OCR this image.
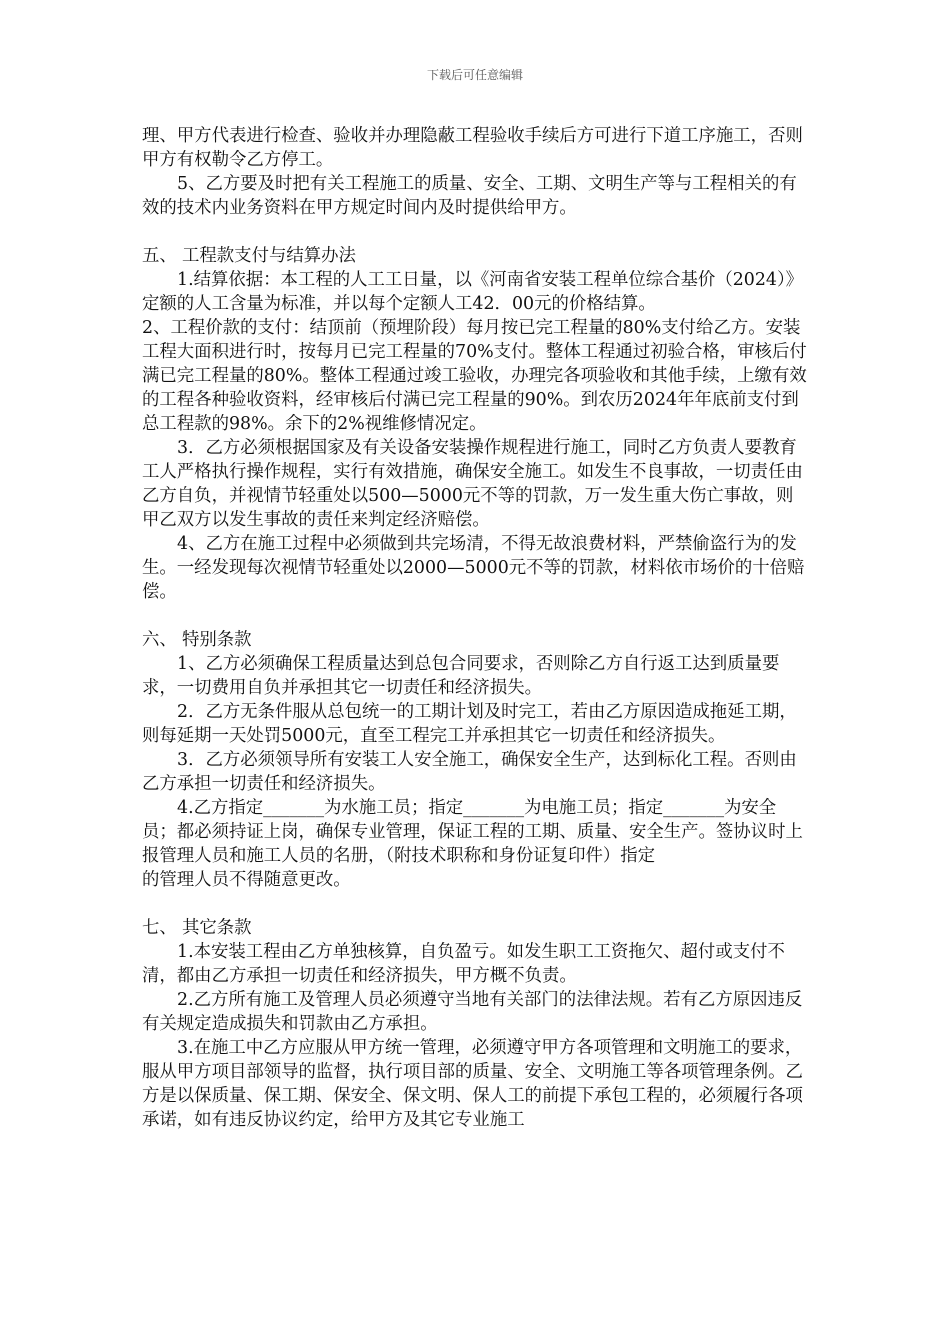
下载后可任意编辑

理、甲方代表进行检查、验收并办理隐蔽工程验收手续后方可进行下道工序施工，否则甲方有权勒令乙方停工。

5、乙方要及时把有关工程施工的质量、安全、工期、文明生产等与工程相关的有效的技术内业务资料在甲方规定时间内及时提供给甲方。

五、 工程款支付与结算办法

1.结算依据：本工程的人工工日量，以《河南省安装工程单位综合基价（2024）》定额的人工含量为标准，并以每个定额人工42．00元的价格结算。

2、工程价款的支付：结顶前（预埋阶段）每月按已完工程量的80%支付给乙方。安装工程大面积进行时，按每月已完工程量的70%支付。整体工程通过初验合格，审核后付满已完工程量的80%。整体工程通过竣工验收，办理完各项验收和其他手续，上缴有效的工程各种验收资料，经审核后付满已完工程量的90%。到农历2024年年底前支付到总工程款的98%。余下的2%视维修情况定。

3．乙方必须根据国家及有关设备安装操作规程进行施工，同时乙方负责人要教育工人严格执行操作规程，实行有效措施，确保安全施工。如发生不良事故，一切责任由乙方自负，并视情节轻重处以500—5000元不等的罚款，万一发生重大伤亡事故，则甲乙双方以发生事故的责任来判定经济赔偿。

4、乙方在施工过程中必须做到共完场清，不得无故浪费材料，严禁偷盗行为的发生。一经发现每次视情节轻重处以2000—5000元不等的罚款，材料依市场价的十倍赔偿。

六、 特别条款

1、乙方必须确保工程质量达到总包合同要求，否则除乙方自行返工达到质量要求，一切费用自负并承担其它一切责任和经济损失。

2．乙方无条件服从总包统一的工期计划及时完工，若由乙方原因造成拖延工期，则每延期一天处罚5000元，直至工程完工并承担其它一切责任和经济损失。

3．乙方必须领导所有安装工人安全施工，确保安全生产，达到标化工程。否则由乙方承担一切责任和经济损失。

4.乙方指定_______为水施工员；指定_______为电施工员；指定_______为安全员；都必须持证上岗，确保专业管理，保证工程的工期、质量、安全生产。签协议时上报管理人员和施工人员的名册，（附技术职称和身份证复印件）指定

的管理人员不得随意更改。

七、 其它条款

1.本安装工程由乙方单独核算，自负盈亏。如发生职工工资拖欠、超付或支付不清，都由乙方承担一切责任和经济损失，甲方概不负责。

2.乙方所有施工及管理人员必须遵守当地有关部门的法律法规。若有乙方原因违反有关规定造成损失和罚款由乙方承担。

3.在施工中乙方应服从甲方统一管理，必须遵守甲方各项管理和文明施工的要求，服从甲方项目部领导的监督，执行项目部的质量、安全、文明施工等各项管理条例。乙方是以保质量、保工期、保安全、保文明、保人工的前提下承包工程的，必须履行各项承诺，如有违反协议约定，给甲方及其它专业施工
